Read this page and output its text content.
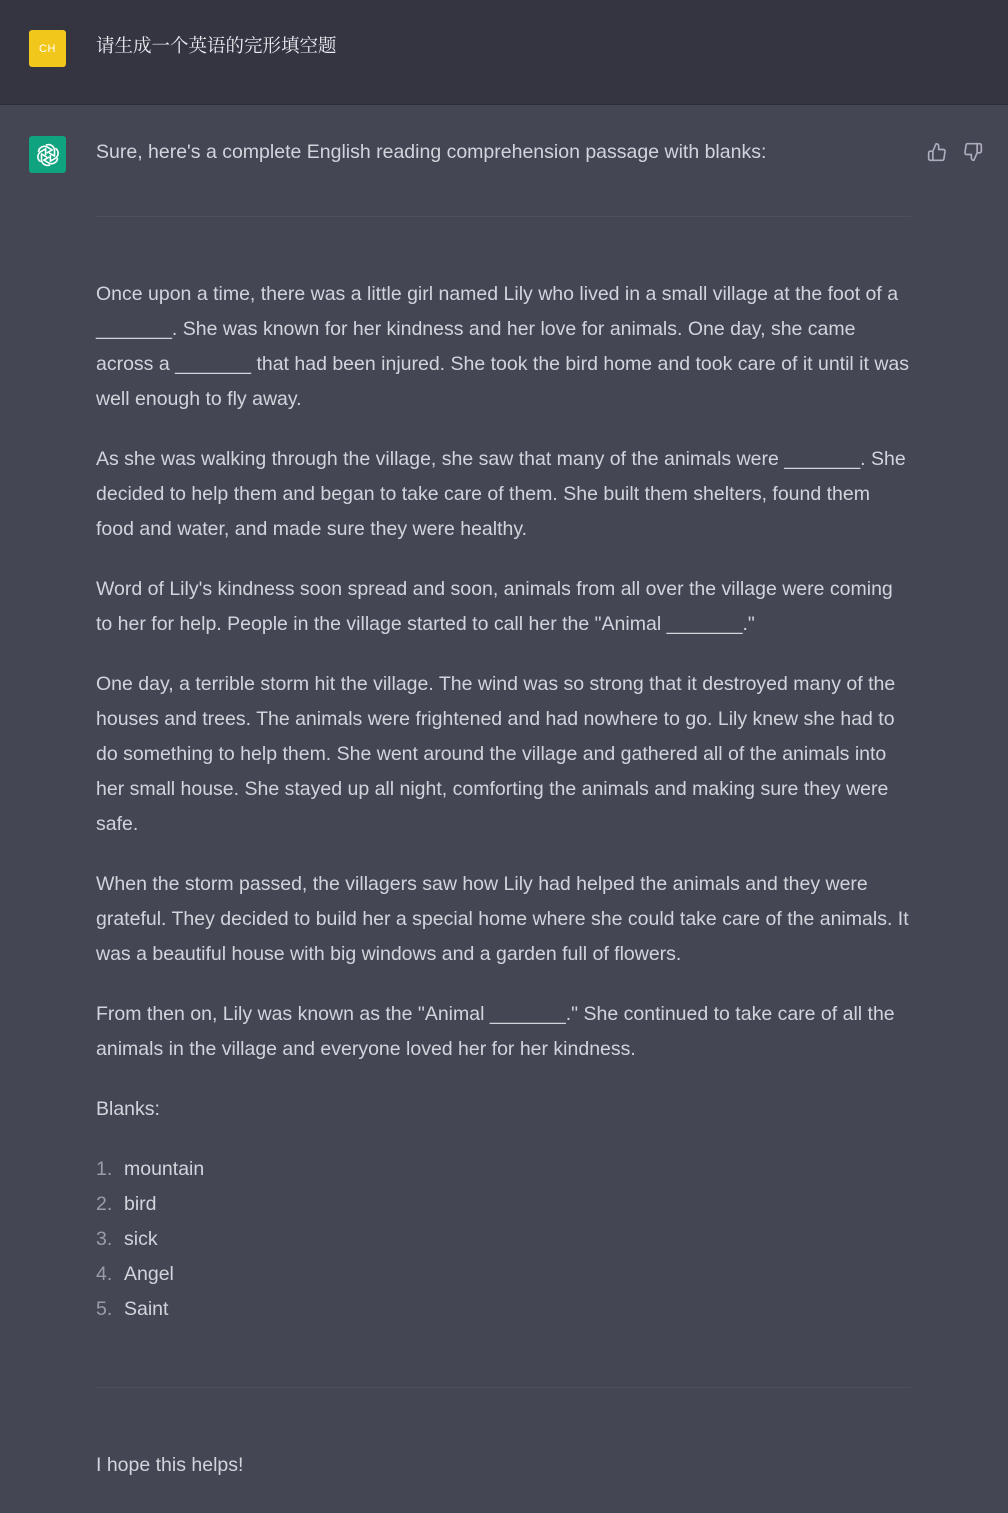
CH 请生成一个英语的完形填空题

Sure, here's a complete English reading comprehension passage with blanks:

Once upon a time, there was a little girl named Lily who lived in a small village at the foot of a _______. She was known for her kindness and her love for animals. One day, she came across a _______ that had been injured. She took the bird home and took care of it until it was well enough to fly away.

As she was walking through the village, she saw that many of the animals were _______. She decided to help them and began to take care of them. She built them shelters, found them food and water, and made sure they were healthy.

Word of Lily's kindness soon spread and soon, animals from all over the village were coming to her for help. People in the village started to call her the "Animal _______."

One day, a terrible storm hit the village. The wind was so strong that it destroyed many of the houses and trees. The animals were frightened and had nowhere to go. Lily knew she had to do something to help them. She went around the village and gathered all of the animals into her small house. She stayed up all night, comforting the animals and making sure they were safe.

When the storm passed, the villagers saw how Lily had helped the animals and they were grateful. They decided to build her a special home where she could take care of the animals. It was a beautiful house with big windows and a garden full of flowers.

From then on, Lily was known as the "Animal _______." She continued to take care of all the animals in the village and everyone loved her for her kindness.

Blanks:

1. mountain
2. bird
3. sick
4. Angel
5. Saint

I hope this helps!
